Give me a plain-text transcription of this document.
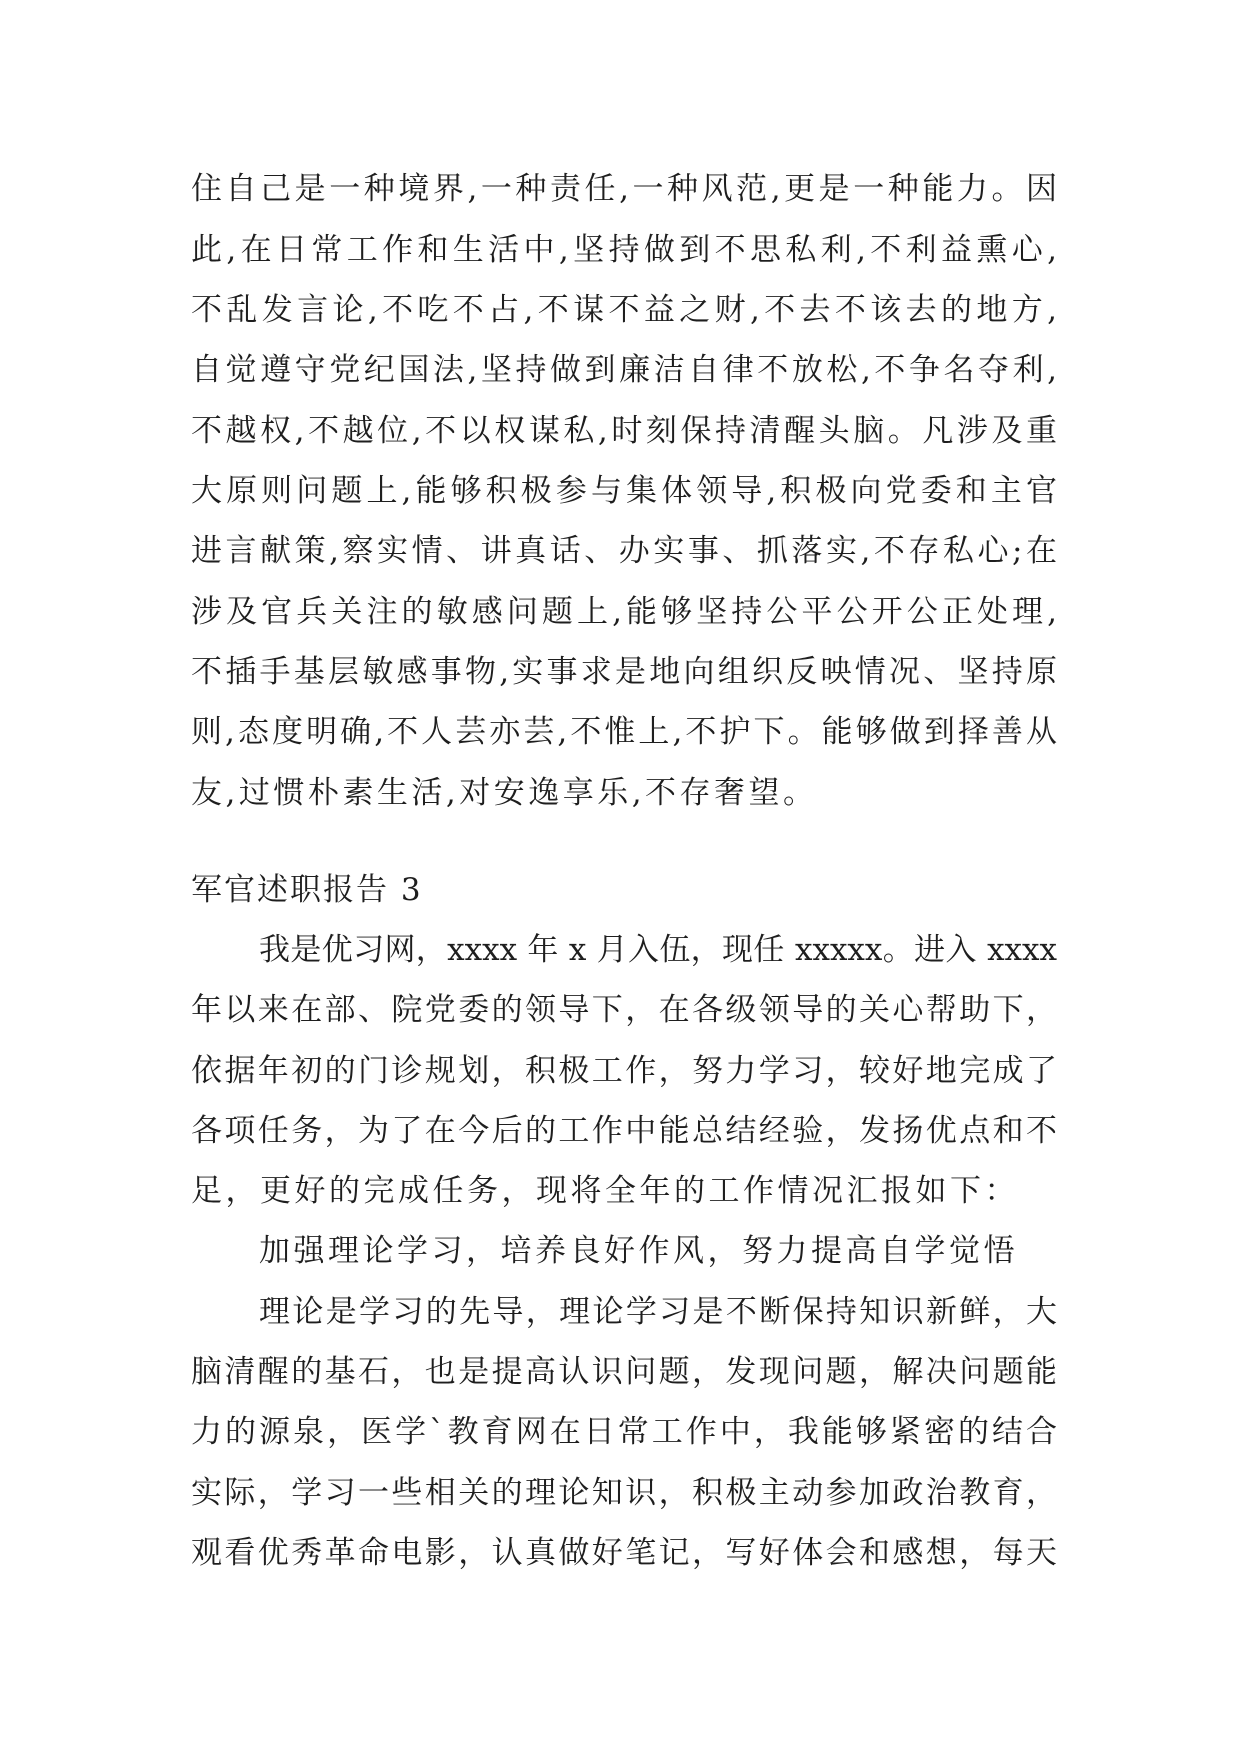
住自己是一种境界,一种责任,一种风范,更是一种能力。因
此,在日常工作和生活中,坚持做到不思私利,不利益熏心,
不乱发言论,不吃不占,不谋不益之财,不去不该去的地方,
自觉遵守党纪国法,坚持做到廉洁自律不放松,不争名夺利,
不越权,不越位,不以权谋私,时刻保持清醒头脑。凡涉及重
大原则问题上,能够积极参与集体领导,积极向党委和主官
进言献策,察实情、讲真话、办实事、抓落实,不存私心;在
涉及官兵关注的敏感问题上,能够坚持公平公开公正处理,
不插手基层敏感事物,实事求是地向组织反映情况、坚持原
则,态度明确,不人芸亦芸,不惟上,不护下。能够做到择善从
友,过惯朴素生活,对安逸享乐,不存奢望。
军官述职报告 3
我是优习网，xxxx 年 x 月入伍，现任 xxxxx。进入 xxxx
年以来在部、院党委的领导下，在各级领导的关心帮助下，
依据年初的门诊规划，积极工作，努力学习，较好地完成了
各项任务，为了在今后的工作中能总结经验，发扬优点和不
足，更好的完成任务，现将全年的工作情况汇报如下：
加强理论学习，培养良好作风，努力提高自学觉悟
理论是学习的先导，理论学习是不断保持知识新鲜，大
脑清醒的基石，也是提高认识问题，发现问题，解决问题能
力的源泉，医学`教育网在日常工作中，我能够紧密的结合
实际，学习一些相关的理论知识，积极主动参加政治教育，
观看优秀革命电影，认真做好笔记，写好体会和感想，每天
